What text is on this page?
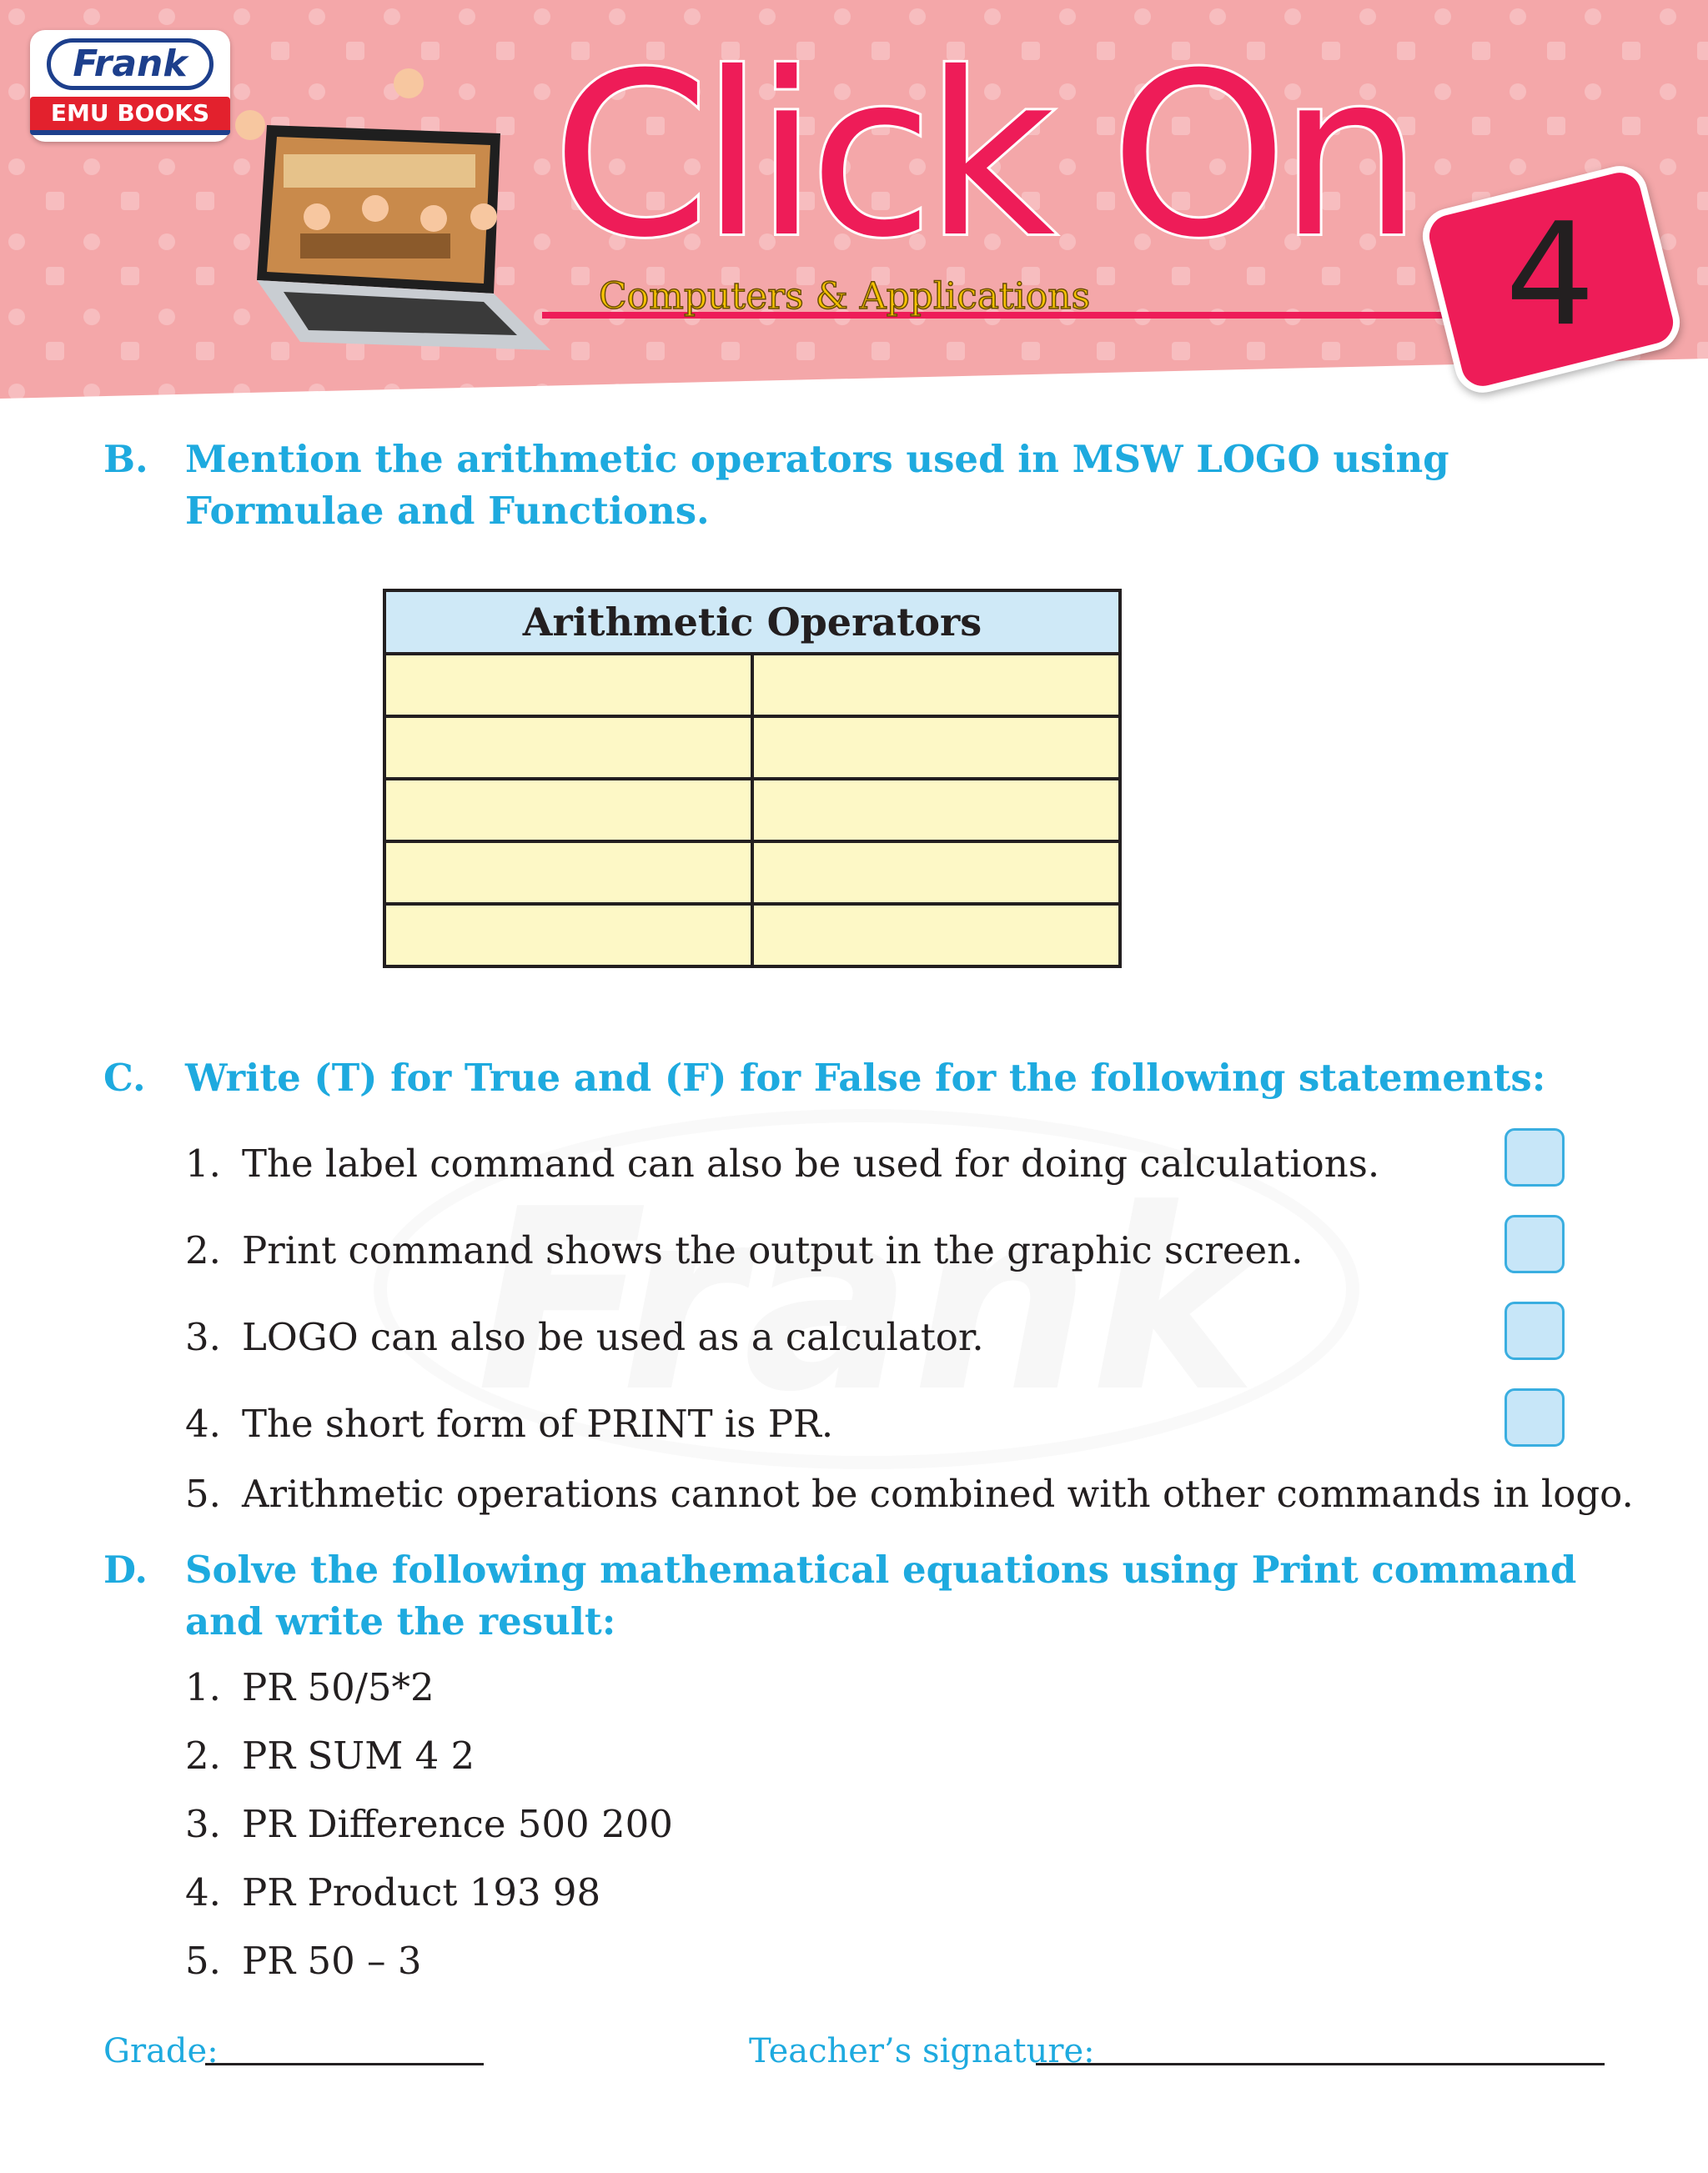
Frank
EMU BOOKS Click On
Computers & Applications	4
B. Mention the arithmetic operators used in MSW LOGO using Formulae and Functions.
Arithmetic Operators	

C. Write (T) for True and (F) for False for the following statements:
1. The label command can also be used for doing calculations.
2. Print command shows the output in the graphic screen.
3. LOGO can also be used as a calculator.
4. The short form of PRINT is PR.
5. Arithmetic operations cannot be combined with other commands in logo.
D. Solve the following mathematical equations using Print command and write the result:
1. PR 50/5*2
2. PR SUM 4 2
3. PR Difference 500 200
4. PR Product 193 98
5. PR 50 – 3
Grade:	Teacher’s signature:
